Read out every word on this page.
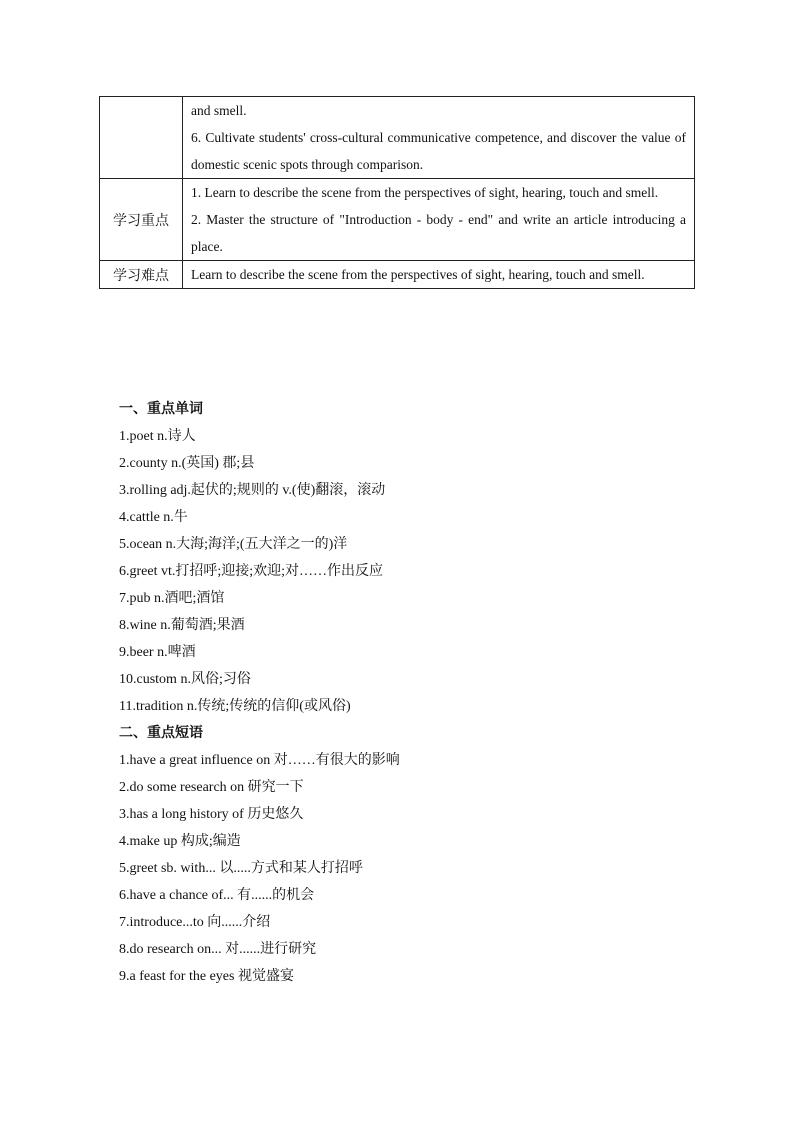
	and smell.

6. Cultivate students' cross-cultural communicative competence, and discover the value of domestic scenic spots through comparison.

学习重点	1. Learn to describe the scene from the perspectives of sight, hearing, touch and smell.

2. Master the structure of "Introduction - body - end" and write an article introducing a place.

学习难点	Learn to describe the scene from the perspectives of sight, hearing, touch and smell.

一、重点单词
1.poet n.诗人
2.county n.(英国) 郡;县
3.rolling adj.起伏的;规则的 v.(使)翻滚，滚动
4.cattle n.牛
5.ocean n.大海;海洋;(五大洋之一的)洋
6.greet vt.打招呼;迎接;欢迎;对……作出反应
7.pub n.酒吧;酒馆
8.wine n.葡萄酒;果酒
9.beer n.啤酒
10.custom n.风俗;习俗
11.tradition n.传统;传统的信仰(或风俗)
二、重点短语
1.have a great influence on 对……有很大的影响
2.do some research on 研究一下
3.has a long history of 历史悠久
4.make up 构成;编造
5.greet sb. with... 以.....方式和某人打招呼
6.have a chance of... 有......的机会
7.introduce...to 向......介绍
8.do research on... 对......进行研究
9.a feast for the eyes 视觉盛宴
